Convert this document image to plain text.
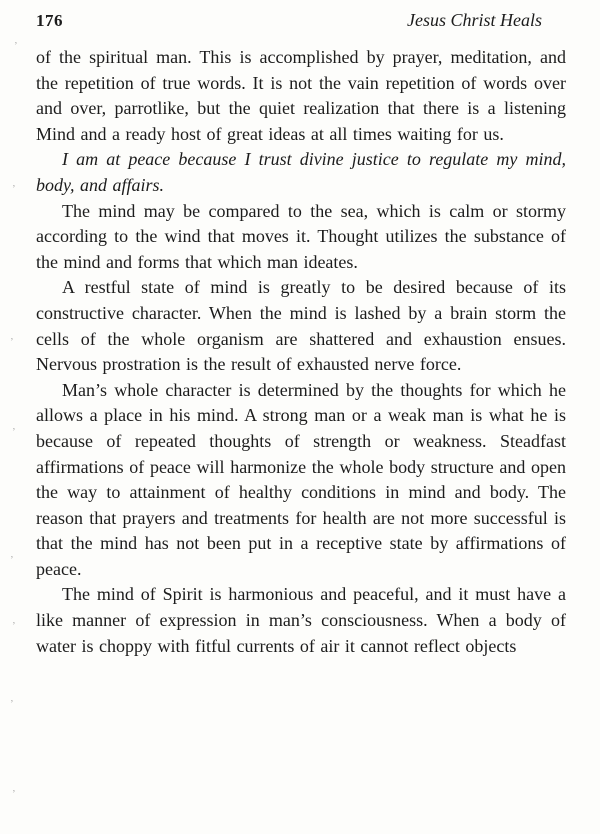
176	Jesus Christ Heals

of the spiritual man. This is accomplished by prayer, meditation, and the repetition of true words. It is not the vain repetition of words over and over, parrotlike, but the quiet realization that there is a listening Mind and a ready host of great ideas at all times waiting for us.

I am at peace because I trust divine justice to regulate my mind, body, and affairs.

The mind may be compared to the sea, which is calm or stormy according to the wind that moves it. Thought utilizes the substance of the mind and forms that which man ideates.

A restful state of mind is greatly to be desired because of its constructive character. When the mind is lashed by a brain storm the cells of the whole organism are shattered and exhaustion ensues. Nervous prostration is the result of exhausted nerve force.

Man’s whole character is determined by the thoughts for which he allows a place in his mind. A strong man or a weak man is what he is because of repeated thoughts of strength or weakness. Steadfast affirmations of peace will harmonize the whole body structure and open the way to attainment of healthy conditions in mind and body. The reason that prayers and treatments for health are not more successful is that the mind has not been put in a receptive state by affirmations of peace.

The mind of Spirit is harmonious and peaceful, and it must have a like manner of expression in man’s consciousness. When a body of water is choppy with fitful currents of air it cannot reflect objects

’
’
’
’
’
’
’
’
